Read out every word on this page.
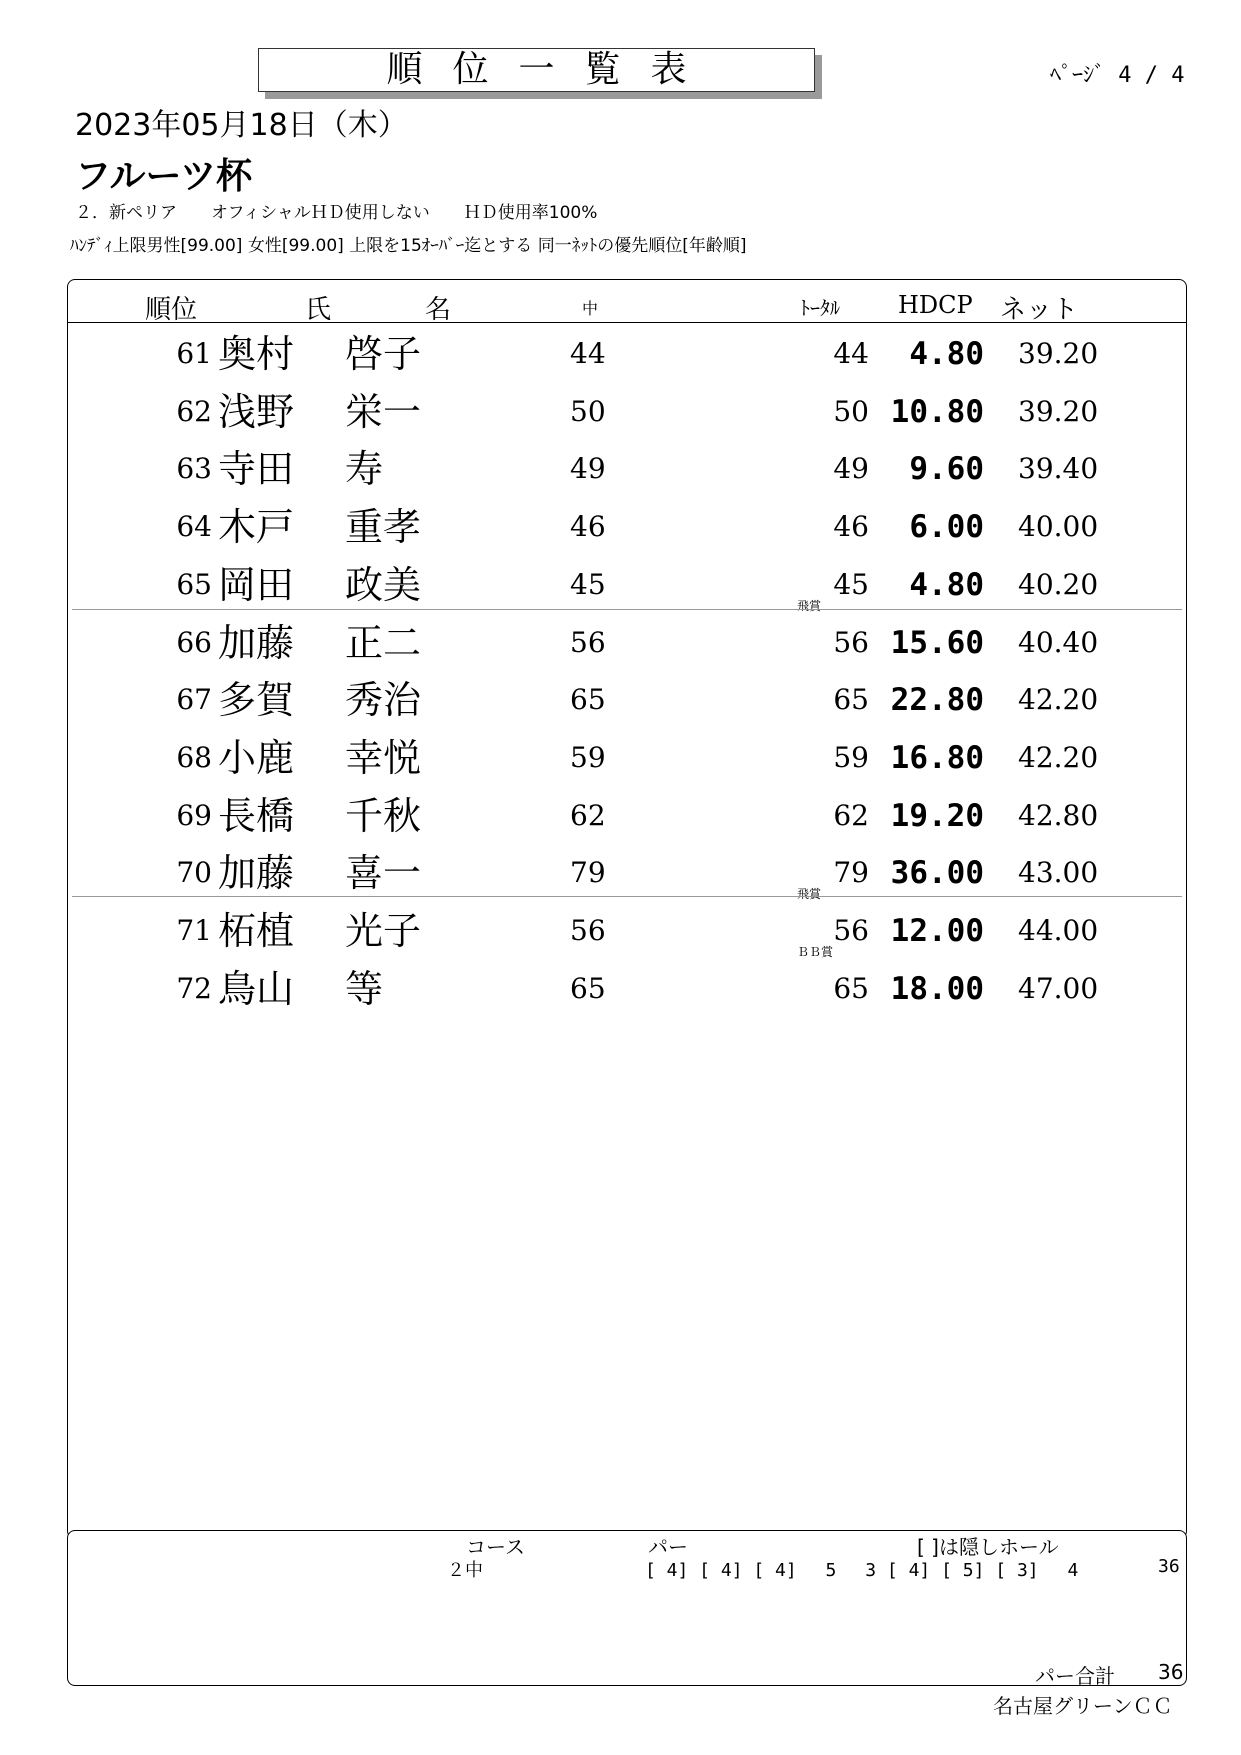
順位一覧表	ﾍﾟｰｼﾞ 4 / 4
2023年05月18日（木）
フルーツ杯
２．新ペリア　　オフィシャルＨＤ使用しない　　ＨＤ使用率100%
ﾊﾝﾃﾞｨ上限男性[99.00] 女性[99.00] 上限を15ｵｰﾊﾞｰ迄とする 同一ﾈｯﾄの優先順位[年齢順]
順位	氏	名	中	ﾄｰﾀﾙ HDCP ネット
61 奥村 啓子	44	44 4.80 39.20
62 浅野 栄一	50	50 10.80 39.20
63 寺田 寿	49	49 9.60 39.40
64 木戸 重孝	46	46 6.00 40.00
65 岡田 政美	45	45 4.80 40.20
飛賞
66 加藤 正二	56	56 15.60 40.40
67 多賀 秀治	65	65 22.80 42.20
68 小鹿 幸悦	59	59 16.80 42.20
69 長橋 千秋	62	62 19.20 42.80
70 加藤 喜一	79	79 36.00 43.00
飛賞
71 柘植 光子	56	56 12.00 44.00
ＢＢ賞
72 鳥山 等	65	65 18.00 47.00
コース	パー	[ ]は隠しホール
２中	[ 4] [ 4] [ 4]　 5　 3 [ 4] [ 5] [ 3]　 4	36
パー合計 36
名古屋グリーンＣＣ
